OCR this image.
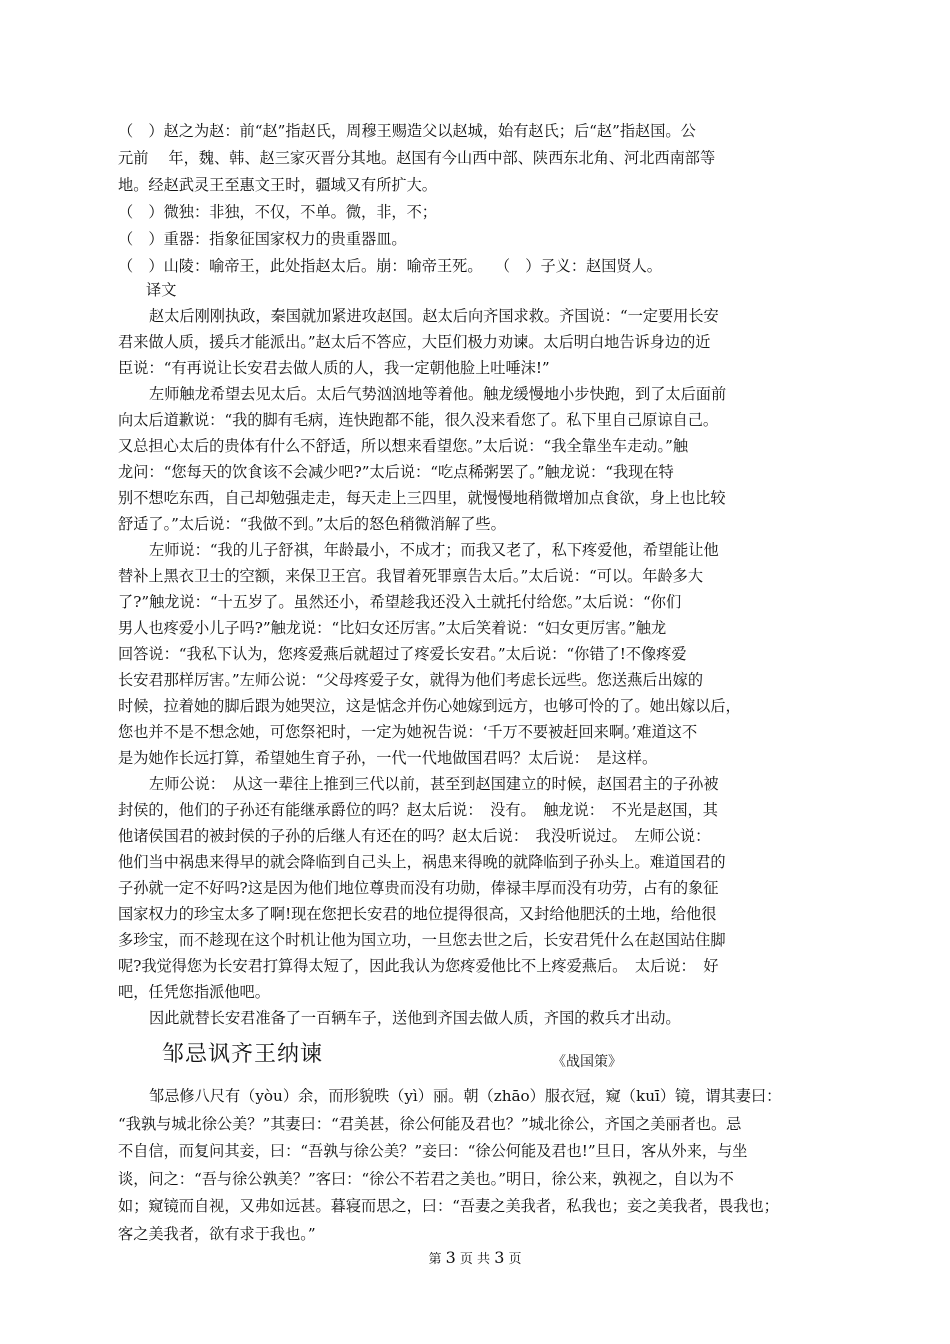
（　）赵之为赵：前“赵”指赵氏，周穆王赐造父以赵城，始有赵氏；后“赵”指赵国。公

元前　 年，魏、韩、赵三家灭晋分其地。赵国有今山西中部、陕西东北角、河北西南部等

地。经赵武灵王至惠文王时，疆域又有所扩大。

（　）微独：非独，不仅，不单。微，非，不；

（　）重器：指象征国家权力的贵重器皿。

（　）山陵：喻帝王，此处指赵太后。崩：喻帝王死。　 （　）子义：赵国贤人。

译文

赵太后刚刚执政，秦国就加紧进攻赵国。赵太后向齐国求救。齐国说：“一定要用长安

君来做人质，援兵才能派出。”赵太后不答应，大臣们极力劝谏。太后明白地告诉身边的近

臣说：“有再说让长安君去做人质的人，我一定朝他脸上吐唾沫!”

左师触龙希望去见太后。太后气势汹汹地等着他。触龙缓慢地小步快跑，到了太后面前

向太后道歉说：“我的脚有毛病，连快跑都不能，很久没来看您了。私下里自己原谅自己。

又总担心太后的贵体有什么不舒适，所以想来看望您。”太后说：“我全靠坐车走动。”触

龙问：“您每天的饮食该不会减少吧?”太后说：“吃点稀粥罢了。”触龙说：“我现在特

别不想吃东西，自己却勉强走走，每天走上三四里，就慢慢地稍微增加点食欲，身上也比较

舒适了。”太后说：“我做不到。”太后的怒色稍微消解了些。

左师说：“我的儿子舒祺，年龄最小，不成才；而我又老了，私下疼爱他，希望能让他

替补上黑衣卫士的空额，来保卫王宫。我冒着死罪禀告太后。”太后说：“可以。年龄多大

了?”触龙说：“十五岁了。虽然还小，希望趁我还没入土就托付给您。”太后说：“你们

男人也疼爱小儿子吗?”触龙说：“比妇女还厉害。”太后笑着说：“妇女更厉害。”触龙

回答说：“我私下认为，您疼爱燕后就超过了疼爱长安君。”太后说：“你错了!不像疼爱

长安君那样厉害。”左师公说：“父母疼爱子女，就得为他们考虑长远些。您送燕后出嫁的

时候，拉着她的脚后跟为她哭泣，这是惦念并伤心她嫁到远方，也够可怜的了。她出嫁以后，

您也并不是不想念她，可您祭祀时，一定为她祝告说：‘千万不要被赶回来啊。’难道这不

是为她作长远打算，希望她生育子孙，一代一代地做国君吗？太后说：　是这样。

左师公说：　从这一辈往上推到三代以前，甚至到赵国建立的时候，赵国君主的子孙被

封侯的，他们的子孙还有能继承爵位的吗？赵太后说：　没有。　触龙说：　不光是赵国，其

他诸侯国君的被封侯的子孙的后继人有还在的吗？赵太后说：　我没听说过。　左师公说：

他们当中祸患来得早的就会降临到自己头上，祸患来得晚的就降临到子孙头上。难道国君的

子孙就一定不好吗?这是因为他们地位尊贵而没有功勋，俸禄丰厚而没有功劳，占有的象征

国家权力的珍宝太多了啊!现在您把长安君的地位提得很高，又封给他肥沃的土地，给他很

多珍宝，而不趁现在这个时机让他为国立功，一旦您去世之后，长安君凭什么在赵国站住脚

呢?我觉得您为长安君打算得太短了，因此我认为您疼爱他比不上疼爱燕后。　太后说：　好

吧，任凭您指派他吧。

因此就替长安君准备了一百辆车子，送他到齐国去做人质，齐国的救兵才出动。

邹忌讽齐王纳谏	《战国策》

邹忌修八尺有（yòu）余，而形貌昳（yì）丽。朝（zhāo）服衣冠，窥（kuī）镜，谓其妻曰：

“我孰与城北徐公美？”其妻曰：“君美甚，徐公何能及君也？”城北徐公，齐国之美丽者也。忌

不自信，而复问其妾，曰：“吾孰与徐公美？”妾曰：“徐公何能及君也!”旦日，客从外来，与坐

谈，问之：“吾与徐公孰美？”客曰：“徐公不若君之美也。”明日，徐公来，孰视之，自以为不

如；窥镜而自视，又弗如远甚。暮寝而思之，曰：“吾妻之美我者，私我也；妾之美我者，畏我也；

客之美我者，欲有求于我也。”

第 3 页 共 3 页
